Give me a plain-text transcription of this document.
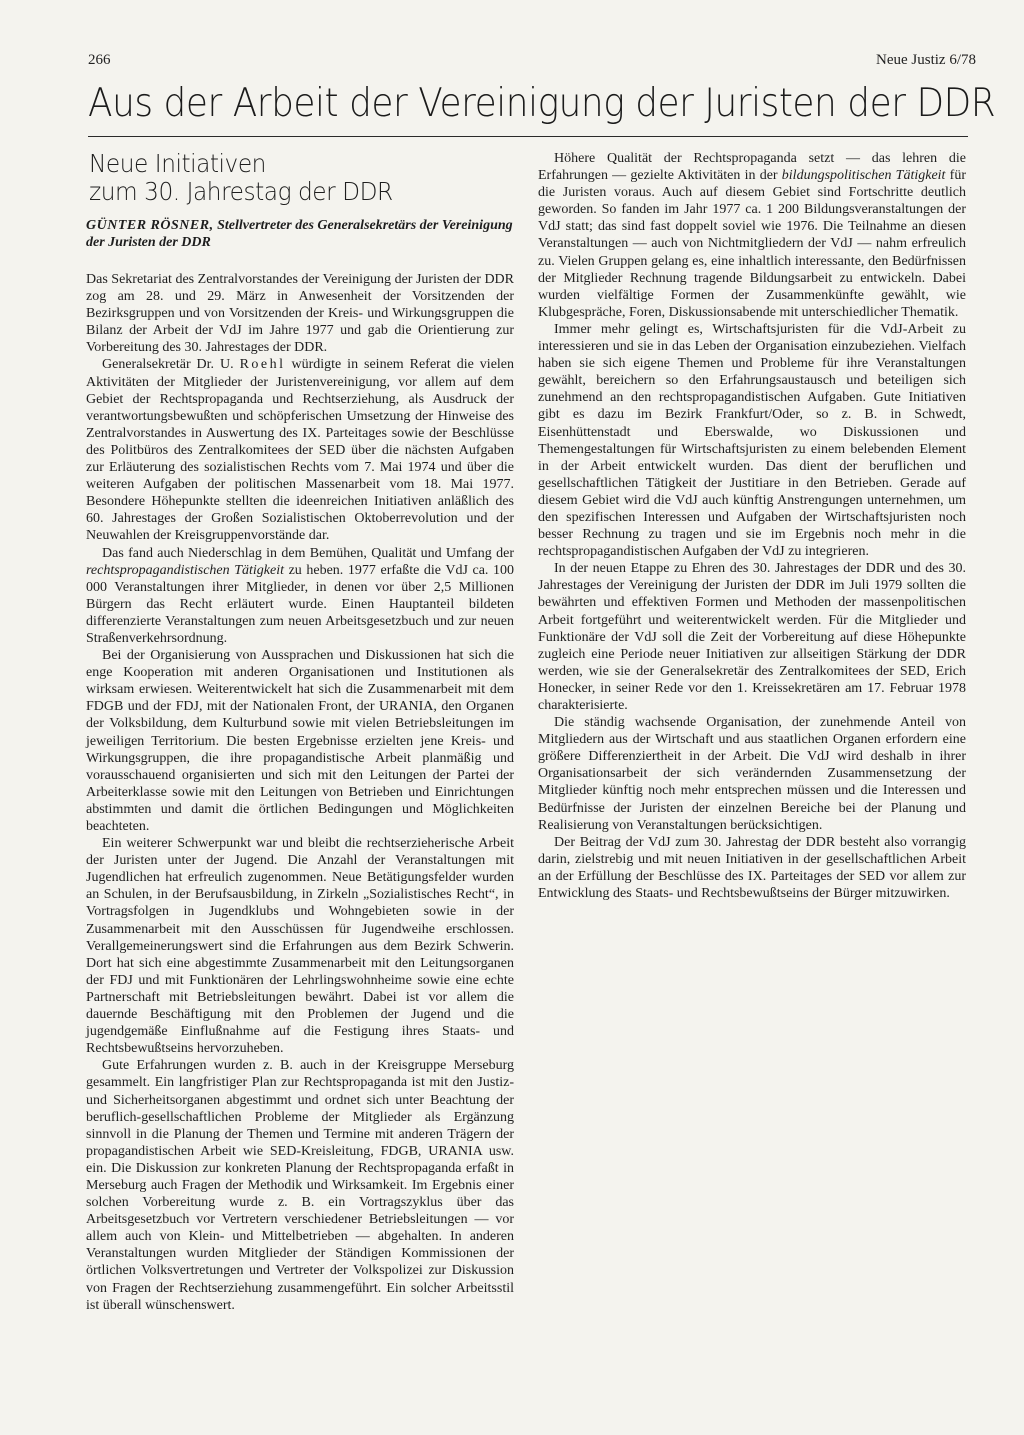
266	Neue Justiz 6/78
Aus der Arbeit der Vereinigung der Juristen der DDR
Neue Initiativen
zum 30. Jahrestag der DDR
GÜNTER RÖSNER, Stellvertreter des Generalsekretärs der Vereinigung der Juristen der DDR

Das Sekretariat des Zentralvorstandes der Vereinigung der Juristen der DDR zog am 28. und 29. März in Anwesenheit der Vorsitzenden der Bezirksgruppen und von Vorsitzenden der Kreis- und Wirkungsgruppen die Bilanz der Arbeit der VdJ im Jahre 1977 und gab die Orientierung zur Vorbereitung des 30. Jahrestages der DDR.

Generalsekretär Dr. U. Roehl würdigte in seinem Referat die vielen Aktivitäten der Mitglieder der Juristenvereinigung, vor allem auf dem Gebiet der Rechtspropaganda und Rechtserziehung, als Ausdruck der verantwortungsbewußten und schöpferischen Umsetzung der Hinweise des Zentralvorstandes in Auswertung des IX. Parteitages sowie der Beschlüsse des Politbüros des Zentralkomitees der SED über die nächsten Aufgaben zur Erläuterung des sozialistischen Rechts vom 7. Mai 1974 und über die weiteren Aufgaben der politischen Massenarbeit vom 18. Mai 1977. Besondere Höhepunkte stellten die ideenreichen Initiativen anläßlich des 60. Jahrestages der Großen Sozialistischen Oktoberrevolution und der Neuwahlen der Kreisgruppenvorstände dar.

Das fand auch Niederschlag in dem Bemühen, Qualität und Umfang der rechtspropagandistischen Tätigkeit zu heben. 1977 erfaßte die VdJ ca. 100 000 Veranstaltungen ihrer Mitglieder, in denen vor über 2,5 Millionen Bürgern das Recht erläutert wurde. Einen Hauptanteil bildeten differenzierte Veranstaltungen zum neuen Arbeitsgesetzbuch und zur neuen Straßenverkehrsordnung.

Bei der Organisierung von Aussprachen und Diskussionen hat sich die enge Kooperation mit anderen Organisationen und Institutionen als wirksam erwiesen. Weiterentwickelt hat sich die Zusammenarbeit mit dem FDGB und der FDJ, mit der Nationalen Front, der URANIA, den Organen der Volksbildung, dem Kulturbund sowie mit vielen Betriebsleitungen im jeweiligen Territorium. Die besten Ergebnisse erzielten jene Kreis- und Wirkungsgruppen, die ihre propagandistische Arbeit planmäßig und vorausschauend organisierten und sich mit den Leitungen der Partei der Arbeiterklasse sowie mit den Leitungen von Betrieben und Einrichtungen abstimmten und damit die örtlichen Bedingungen und Möglichkeiten beachteten.

Ein weiterer Schwerpunkt war und bleibt die rechtserzieherische Arbeit der Juristen unter der Jugend. Die Anzahl der Veranstaltungen mit Jugendlichen hat erfreulich zugenommen. Neue Betätigungsfelder wurden an Schulen, in der Berufsausbildung, in Zirkeln „Sozialistisches Recht“, in Vortragsfolgen in Jugendklubs und Wohngebieten sowie in der Zusammenarbeit mit den Ausschüssen für Jugendweihe erschlossen. Verallgemeinerungswert sind die Erfahrungen aus dem Bezirk Schwerin. Dort hat sich eine abgestimmte Zusammenarbeit mit den Leitungsorganen der FDJ und mit Funktionären der Lehrlingswohnheime sowie eine echte Partnerschaft mit Betriebsleitungen bewährt. Dabei ist vor allem die dauernde Beschäftigung mit den Problemen der Jugend und die jugendgemäße Einflußnahme auf die Festigung ihres Staats- und Rechtsbewußtseins hervorzuheben.

Gute Erfahrungen wurden z. B. auch in der Kreisgruppe Merseburg gesammelt. Ein langfristiger Plan zur Rechtspropaganda ist mit den Justiz- und Sicherheitsorganen abgestimmt und ordnet sich unter Beachtung der beruflich-gesellschaftlichen Probleme der Mitglieder als Ergänzung sinnvoll in die Planung der Themen und Termine mit anderen Trägern der propagandistischen Arbeit wie SED-Kreisleitung, FDGB, URANIA usw. ein. Die Diskussion zur konkreten Planung der Rechtspropaganda erfaßt in Merseburg auch Fragen der Methodik und Wirksamkeit. Im Ergebnis einer solchen Vorbereitung wurde z. B. ein Vortragszyklus über das Arbeitsgesetzbuch vor Vertretern verschiedener Betriebsleitungen — vor allem auch von Klein- und Mittelbetrieben — abgehalten. In anderen Veranstaltungen wurden Mitglieder der Ständigen Kommissionen der örtlichen Volksvertretungen und Vertreter der Volkspolizei zur Diskussion von Fragen der Rechtserziehung zusammengeführt. Ein solcher Arbeitsstil ist überall wünschenswert.

Höhere Qualität der Rechtspropaganda setzt — das lehren die Erfahrungen — gezielte Aktivitäten in der bildungspolitischen Tätigkeit für die Juristen voraus. Auch auf diesem Gebiet sind Fortschritte deutlich geworden. So fanden im Jahr 1977 ca. 1 200 Bildungsveranstaltungen der VdJ statt; das sind fast doppelt soviel wie 1976. Die Teilnahme an diesen Veranstaltungen — auch von Nichtmitgliedern der VdJ — nahm erfreulich zu. Vielen Gruppen gelang es, eine inhaltlich interessante, den Bedürfnissen der Mitglieder Rechnung tragende Bildungsarbeit zu entwickeln. Dabei wurden vielfältige Formen der Zusammenkünfte gewählt, wie Klubgespräche, Foren, Diskussionsabende mit unterschiedlicher Thematik.

Immer mehr gelingt es, Wirtschaftsjuristen für die VdJ-Arbeit zu interessieren und sie in das Leben der Organisation einzubeziehen. Vielfach haben sie sich eigene Themen und Probleme für ihre Veranstaltungen gewählt, bereichern so den Erfahrungsaustausch und beteiligen sich zunehmend an den rechtspropagandistischen Aufgaben. Gute Initiativen gibt es dazu im Bezirk Frankfurt/Oder, so z. B. in Schwedt, Eisenhüttenstadt und Eberswalde, wo Diskussionen und Themengestaltungen für Wirtschaftsjuristen zu einem belebenden Element in der Arbeit entwickelt wurden. Das dient der beruflichen und gesellschaftlichen Tätigkeit der Justitiare in den Betrieben. Gerade auf diesem Gebiet wird die VdJ auch künftig Anstrengungen unternehmen, um den spezifischen Interessen und Aufgaben der Wirtschaftsjuristen noch besser Rechnung zu tragen und sie im Ergebnis noch mehr in die rechtspropagandistischen Aufgaben der VdJ zu integrieren.

In der neuen Etappe zu Ehren des 30. Jahrestages der DDR und des 30. Jahrestages der Vereinigung der Juristen der DDR im Juli 1979 sollten die bewährten und effektiven Formen und Methoden der massenpolitischen Arbeit fortgeführt und weiterentwickelt werden. Für die Mitglieder und Funktionäre der VdJ soll die Zeit der Vorbereitung auf diese Höhepunkte zugleich eine Periode neuer Initiativen zur allseitigen Stärkung der DDR werden, wie sie der Generalsekretär des Zentralkomitees der SED, Erich Honecker, in seiner Rede vor den 1. Kreissekretären am 17. Februar 1978 charakterisierte.

Die ständig wachsende Organisation, der zunehmende Anteil von Mitgliedern aus der Wirtschaft und aus staatlichen Organen erfordern eine größere Differenziertheit in der Arbeit. Die VdJ wird deshalb in ihrer Organisationsarbeit der sich verändernden Zusammensetzung der Mitglieder künftig noch mehr entsprechen müssen und die Interessen und Bedürfnisse der Juristen der einzelnen Bereiche bei der Planung und Realisierung von Veranstaltungen berücksichtigen.

Der Beitrag der VdJ zum 30. Jahrestag der DDR besteht also vorrangig darin, zielstrebig und mit neuen Initiativen in der gesellschaftlichen Arbeit an der Erfüllung der Beschlüsse des IX. Parteitages der SED vor allem zur Entwicklung des Staats- und Rechtsbewußtseins der Bürger mitzuwirken.
